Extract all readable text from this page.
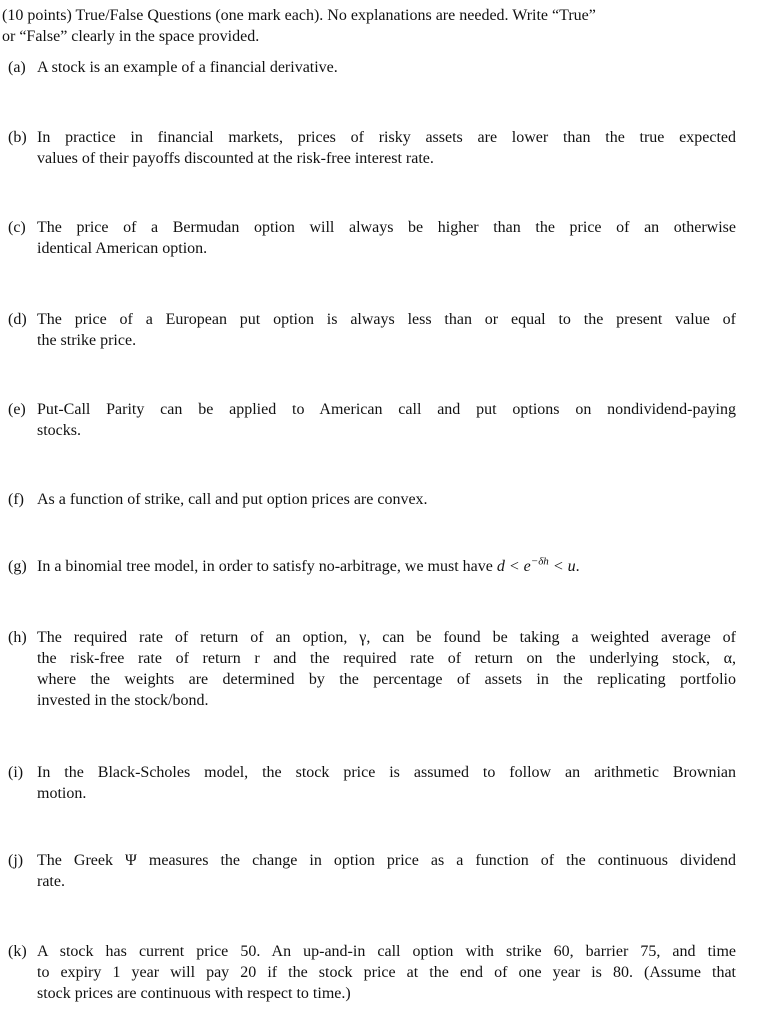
(10 points) True/False Questions (one mark each). No explanations are needed. Write “True”
or “False” clearly in the space provided.
(a) A stock is an example of a financial derivative.
(b) In practice in financial markets, prices of risky assets are lower than the true expected
values of their payoffs discounted at the risk-free interest rate.
(c) The price of a Bermudan option will always be higher than the price of an otherwise
identical American option.
(d) The price of a European put option is always less than or equal to the present value of
the strike price.
(e) Put-Call Parity can be applied to American call and put options on nondividend-paying
stocks.
(f) As a function of strike, call and put option prices are convex.
(g) In a binomial tree model, in order to satisfy no-arbitrage, we must have $d < e^{-\delta h} < u$.
(h) The required rate of return of an option, γ, can be found be taking a weighted average of
the risk-free rate of return r and the required rate of return on the underlying stock, α,
where the weights are determined by the percentage of assets in the replicating portfolio
invested in the stock/bond.
(i) In the Black-Scholes model, the stock price is assumed to follow an arithmetic Brownian
motion.
(j) The Greek Ψ measures the change in option price as a function of the continuous dividend
rate.
(k) A stock has current price 50. An up-and-in call option with strike 60, barrier 75, and time
to expiry 1 year will pay 20 if the stock price at the end of one year is 80. (Assume that
stock prices are continuous with respect to time.)
